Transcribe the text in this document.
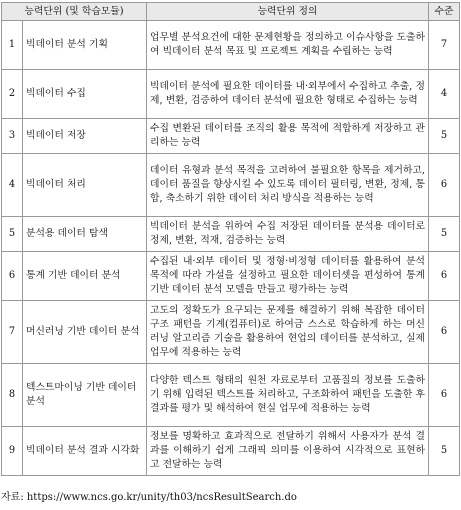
능력단위 (및 학습모듈)		능력단위 정의	수준
1	빅데이터 분석 기획	업무별 분석요건에 대한 문제현황을 정의하고 이슈사항을 도출하여 빅데이터 분석 목표 및 프로젝트 계획을 수립하는 능력	7
2	빅데이터 수집	빅데이터 분석에 필요한 데이터를 내·외부에서 수집하고 추출, 정제, 변환, 검증하여 데이터 분석에 필요한 형태로 수집하는 능력	4
3	빅데이터 저장	수집 변환된 데이터를 조직의 활용 목적에 적합하게 저장하고 관리하는 능력	5
4	빅데이터 처리	데이터 유형과 분석 목적을 고려하여 불필요한 항목을 제거하고, 데이터 품질을 향상시킬 수 있도록 데이터 필터링, 변환, 정제, 통합, 축소하기 위한 데이터 처리 방식을 적용하는 능력	6
5	분석용 데이터 탐색	빅데이터 분석을 위하여 수집 저장된 데이터를 분석용 데이터로 정제, 변환, 적재, 검증하는 능력	5
6	통계 기반 데이터 분석	수집된 내·외부 데이터 및 정형·비정형 데이터를 활용하여 분석 목적에 따라 가설을 설정하고 필요한 데이터셋을 편성하여 통계기반 데이터 분석 모델을 만들고 평가하는 능력	6
7	머신러닝 기반 데이터 분석	고도의 정확도가 요구되는 문제를 해결하기 위해 복잡한 데이터 구조 패턴을 기계(컴퓨터)로 하여금 스스로 학습하게 하는 머신러닝 알고리즘 기술을 활용하여 현업의 데이터를 분석하고, 실제 업무에 적용하는 능력	6
8	텍스트마이닝 기반 데이터 분석	다양한 텍스트 형태의 원천 자료로부터 고품질의 정보를 도출하기 위해 입력된 텍스트를 처리하고, 구조화하여 패턴을 도출한 후 결과를 평가 및 해석하여 현실 업무에 적용하는 능력	6
9	빅데이터 분석 결과 시각화	정보를 명확하고 효과적으로 전달하기 위해서 사용자가 분석 결과를 이해하기 쉽게 그래픽 의미를 이용하여 시각적으로 표현하고 전달하는 능력	5
자료: https://www.ncs.go.kr/unity/th03/ncsResultSearch.do
